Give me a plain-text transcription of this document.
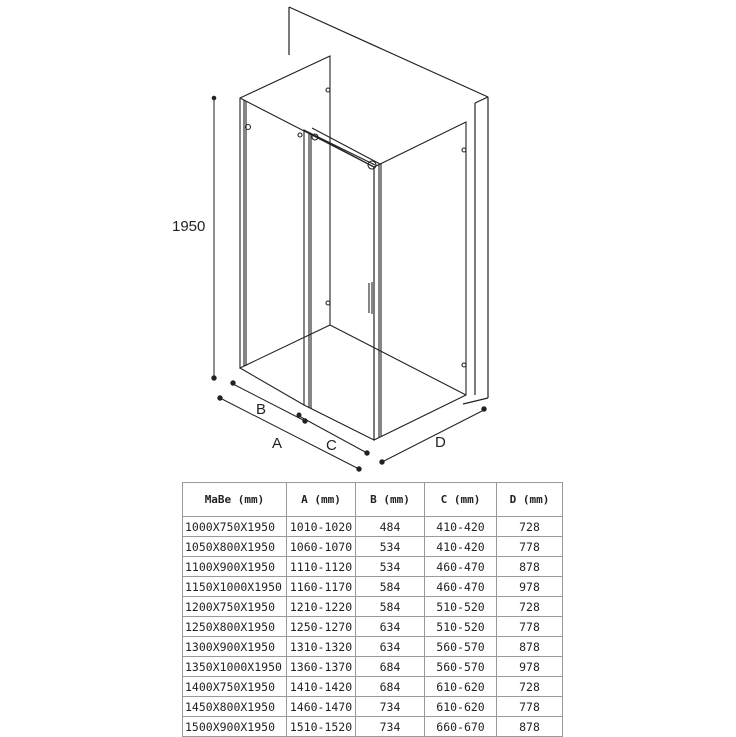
1950
B
A	C	D
MaBe (mm)	A (mm)	B (mm)	C (mm)	D (mm)
1000X750X1950	1010-1020	484	410-420	728
1050X800X1950	1060-1070	534	410-420	778
1100X900X1950	1110-1120	534	460-470	878
1150X1000X1950	1160-1170	584	460-470	978
1200X750X1950	1210-1220	584	510-520	728
1250X800X1950	1250-1270	634	510-520	778
1300X900X1950	1310-1320	634	560-570	878
1350X1000X1950	1360-1370	684	560-570	978
1400X750X1950	1410-1420	684	610-620	728
1450X800X1950	1460-1470	734	610-620	778
1500X900X1950	1510-1520	734	660-670	878
